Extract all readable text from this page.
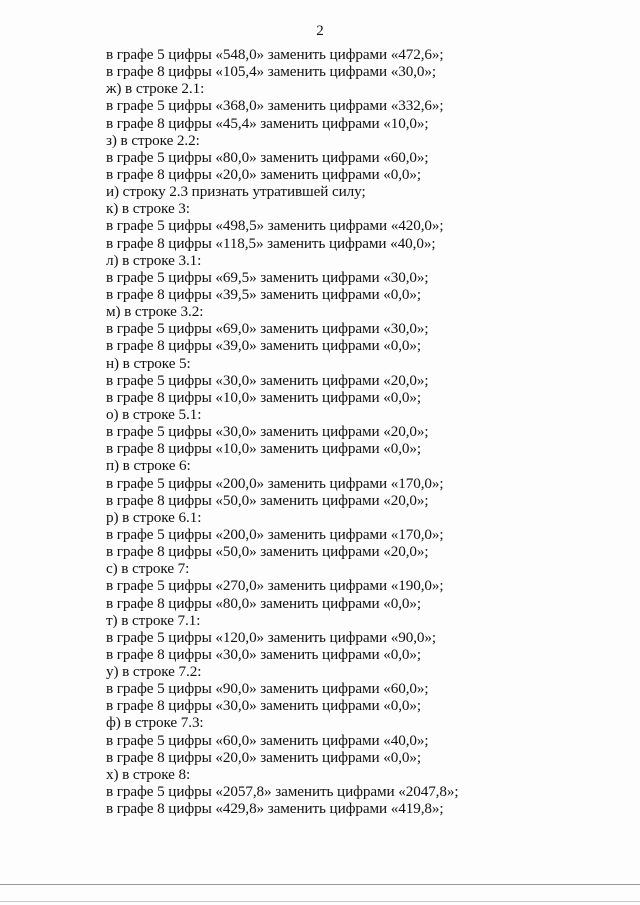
2
в графе 5 цифры «548,0» заменить цифрами «472,6»;
в графе 8 цифры «105,4» заменить цифрами «30,0»;
ж) в строке 2.1:
в графе 5 цифры «368,0» заменить цифрами «332,6»;
в графе 8 цифры «45,4» заменить цифрами «10,0»;
з) в строке 2.2:
в графе 5 цифры «80,0» заменить цифрами «60,0»;
в графе 8 цифры «20,0» заменить цифрами «0,0»;
и) строку 2.3 признать утратившей силу;
к) в строке 3:
в графе 5 цифры «498,5» заменить цифрами «420,0»;
в графе 8 цифры «118,5» заменить цифрами «40,0»;
л) в строке 3.1:
в графе 5 цифры «69,5» заменить цифрами «30,0»;
в графе 8 цифры «39,5» заменить цифрами «0,0»;
м) в строке 3.2:
в графе 5 цифры «69,0» заменить цифрами «30,0»;
в графе 8 цифры «39,0» заменить цифрами «0,0»;
н) в строке 5:
в графе 5 цифры «30,0» заменить цифрами «20,0»;
в графе 8 цифры «10,0» заменить цифрами «0,0»;
о) в строке 5.1:
в графе 5 цифры «30,0» заменить цифрами «20,0»;
в графе 8 цифры «10,0» заменить цифрами «0,0»;
п) в строке 6:
в графе 5 цифры «200,0» заменить цифрами «170,0»;
в графе 8 цифры «50,0» заменить цифрами «20,0»;
р) в строке 6.1:
в графе 5 цифры «200,0» заменить цифрами «170,0»;
в графе 8 цифры «50,0» заменить цифрами «20,0»;
с) в строке 7:
в графе 5 цифры «270,0» заменить цифрами «190,0»;
в графе 8 цифры «80,0» заменить цифрами «0,0»;
т) в строке 7.1:
в графе 5 цифры «120,0» заменить цифрами «90,0»;
в графе 8 цифры «30,0» заменить цифрами «0,0»;
у) в строке 7.2:
в графе 5 цифры «90,0» заменить цифрами «60,0»;
в графе 8 цифры «30,0» заменить цифрами «0,0»;
ф) в строке 7.3:
в графе 5 цифры «60,0» заменить цифрами «40,0»;
в графе 8 цифры «20,0» заменить цифрами «0,0»;
х) в строке 8:
в графе 5 цифры «2057,8» заменить цифрами «2047,8»;
в графе 8 цифры «429,8» заменить цифрами «419,8»;
